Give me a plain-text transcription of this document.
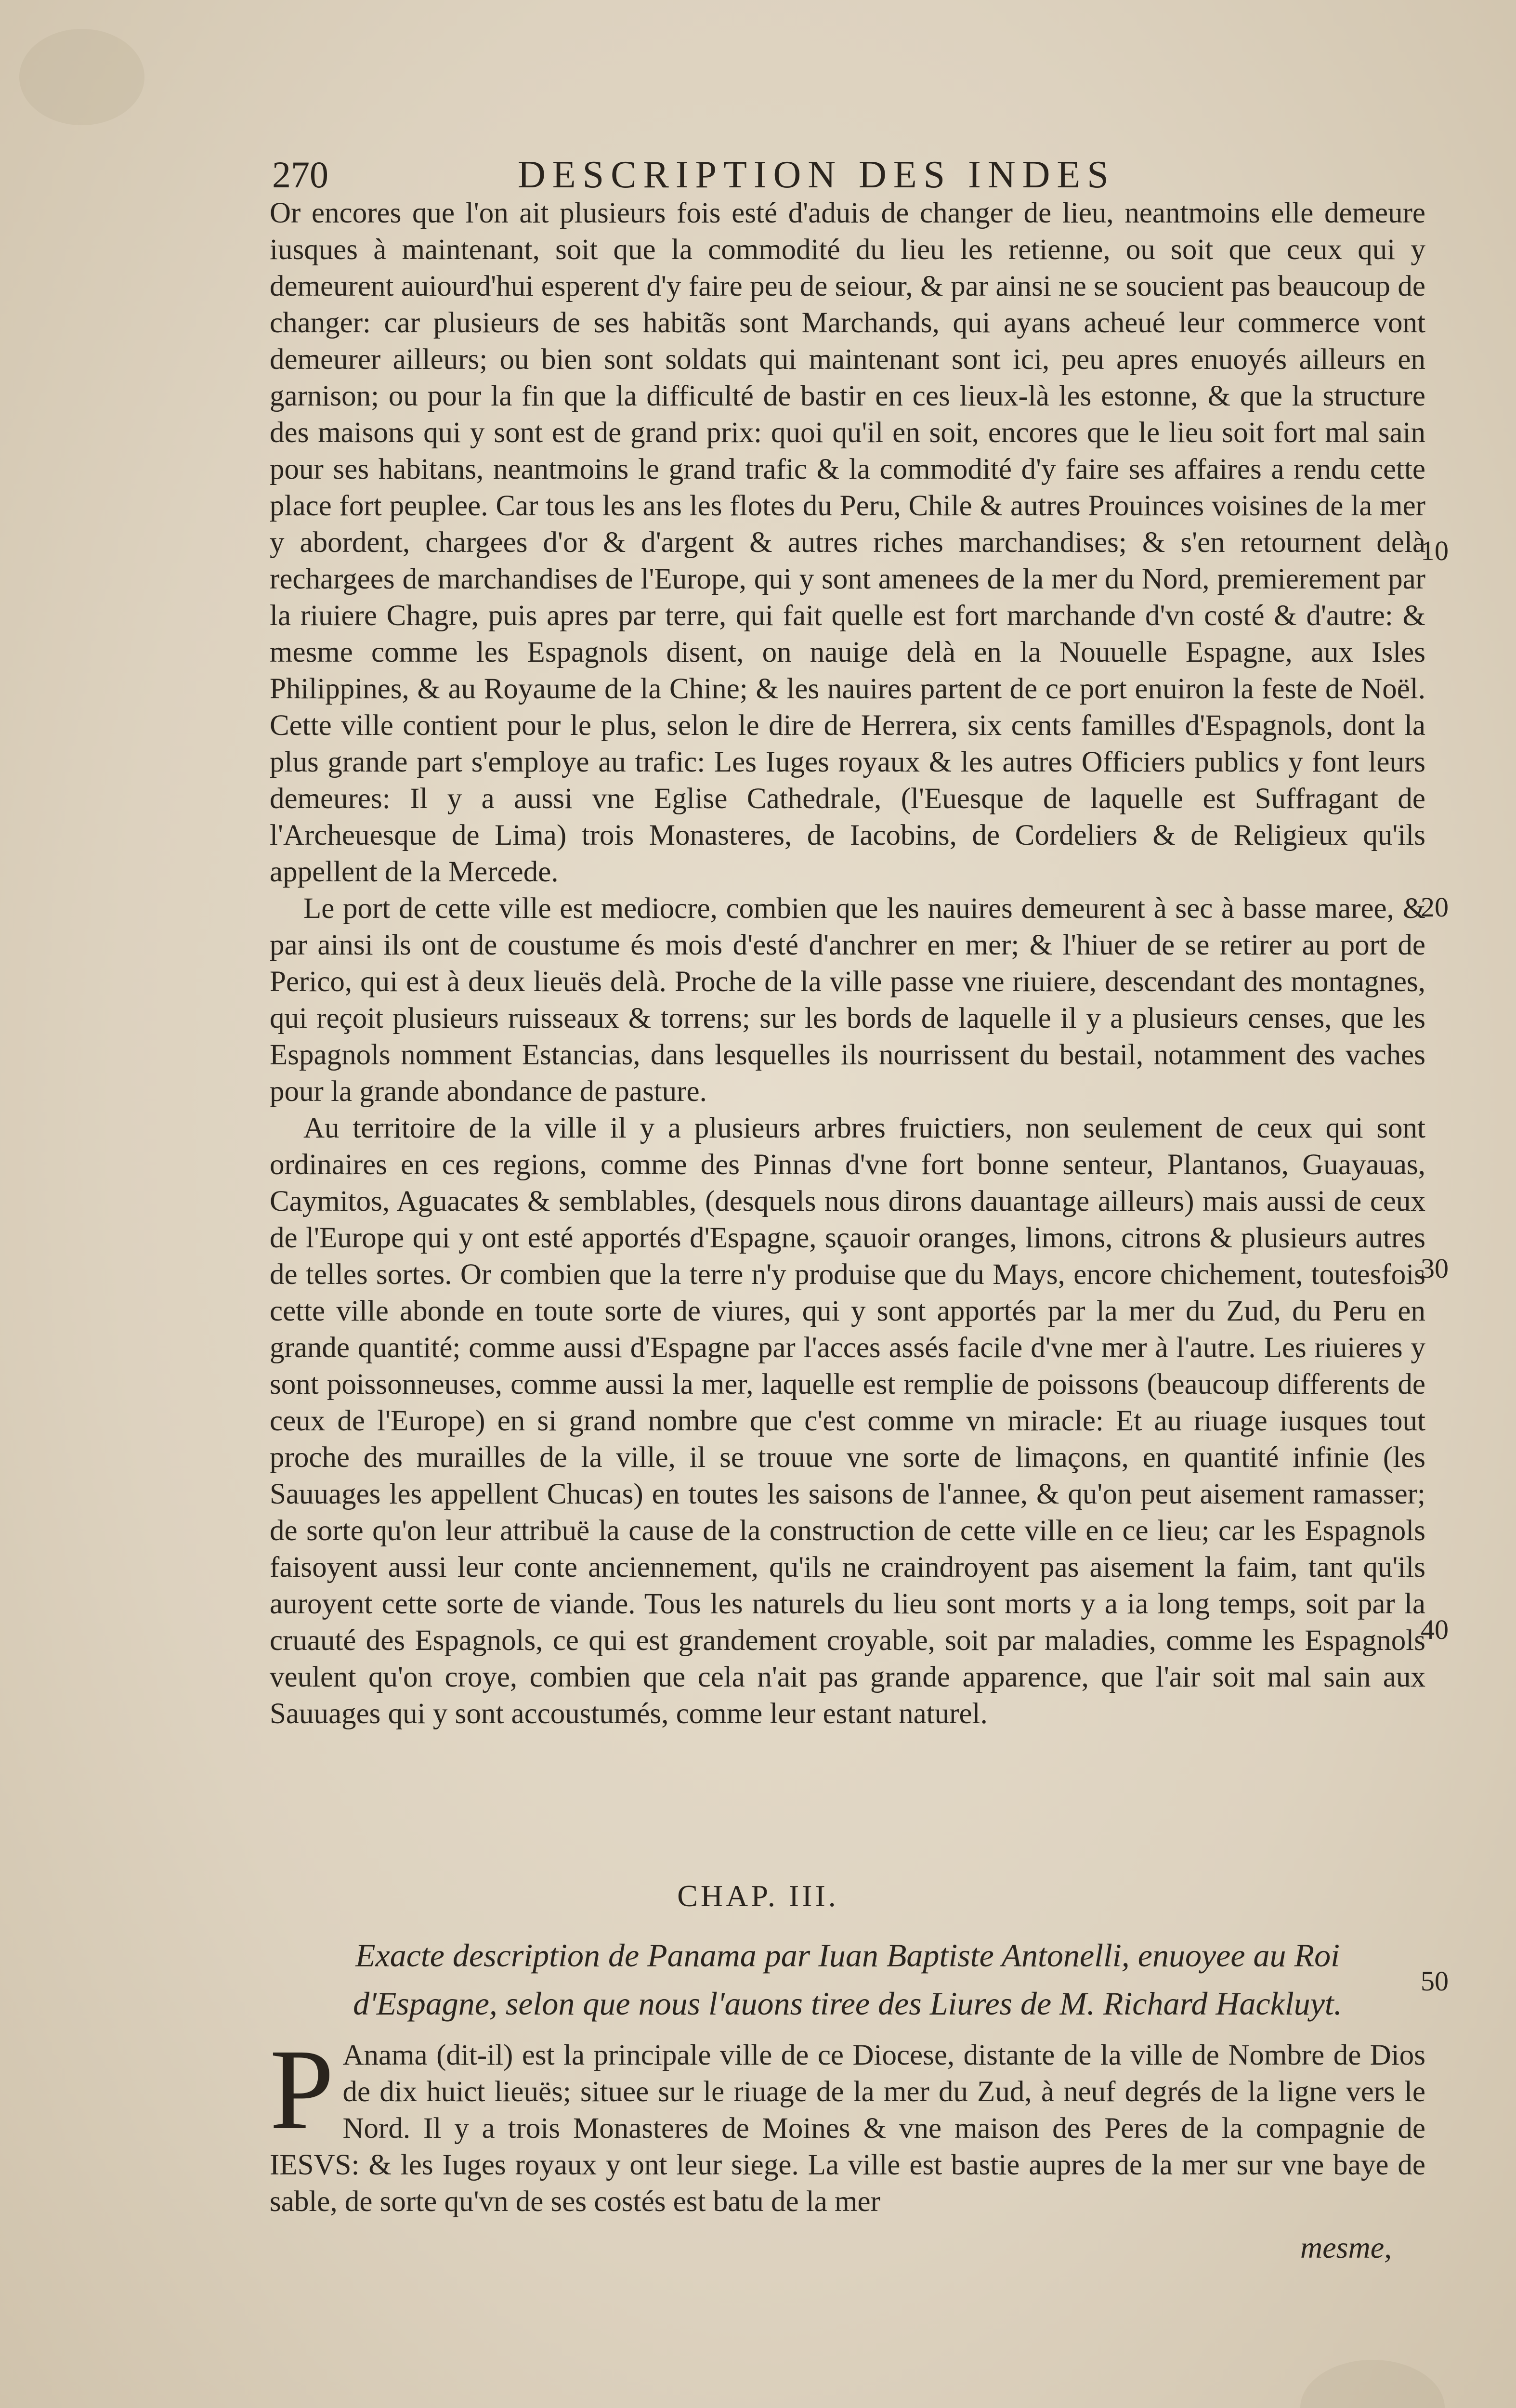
270	DESCRIPTION DES INDES

Or encores que l'on ait plusieurs fois esté d'aduis de changer de lieu, neantmoins elle demeure iusques à maintenant, soit que la commodité du lieu les retienne, ou soit que ceux qui y demeurent auiourd'hui esperent d'y faire peu de seiour, & par ainsi ne se soucient pas beaucoup de changer: car plusieurs de ses habitãs sont Marchands, qui ayans acheué leur commerce vont demeurer ailleurs; ou bien sont soldats qui maintenant sont ici, peu apres enuoyés ailleurs en garnison; ou pour la fin que la difficulté de bastir en ces lieux-là les estonne, & que la structure des maisons qui y sont est de grand prix: quoi qu'il en soit, encores que le lieu soit fort mal sain pour ses habitans, neantmoins le grand trafic & la commodité d'y faire ses affaires a rendu cette place fort peuplee. Car tous les ans les flotes du Peru, Chile & autres Prouinces voisines de la mer y abordent, chargees d'or & d'argent & autres riches marchandises; & s'en retournent delà rechargees de marchandises de l'Europe, qui y sont amenees de la mer du Nord, premierement par la riuiere Chagre, puis apres par terre, qui fait quelle est fort marchande d'vn costé & d'autre: & mesme comme les Espagnols disent, on nauige delà en la Nouuelle Espagne, aux Isles Philippines, & au Royaume de la Chine; & les nauires partent de ce port enuiron la feste de Noël. Cette ville contient pour le plus, selon le dire de Herrera, six cents familles d'Espagnols, dont la plus grande part s'employe au trafic: Les Iuges royaux & les autres Officiers publics y font leurs demeures: Il y a aussi vne Eglise Cathedrale, (l'Euesque de laquelle est Suffragant de l'Archeuesque de Lima) trois Monasteres, de Iacobins, de Cordeliers & de Religieux qu'ils appellent de la Mercede.

Le port de cette ville est mediocre, combien que les nauires demeurent à sec à basse maree, & par ainsi ils ont de coustume és mois d'esté d'anchrer en mer; & l'hiuer de se retirer au port de Perico, qui est à deux lieuës delà. Proche de la ville passe vne riuiere, descendant des montagnes, qui reçoit plusieurs ruisseaux & torrens; sur les bords de laquelle il y a plusieurs censes, que les Espagnols nomment Estancias, dans lesquelles ils nourrissent du bestail, notamment des vaches pour la grande abondance de pasture.

Au territoire de la ville il y a plusieurs arbres fruictiers, non seulement de ceux qui sont ordinaires en ces regions, comme des Pinnas d'vne fort bonne senteur, Plantanos, Guayauas, Caymitos, Aguacates & semblables, (desquels nous dirons dauantage ailleurs) mais aussi de ceux de l'Europe qui y ont esté apportés d'Espagne, sçauoir oranges, limons, citrons & plusieurs autres de telles sortes. Or combien que la terre n'y produise que du Mays, encore chichement, toutesfois cette ville abonde en toute sorte de viures, qui y sont apportés par la mer du Zud, du Peru en grande quantité; comme aussi d'Espagne par l'acces assés facile d'vne mer à l'autre. Les riuieres y sont poissonneuses, comme aussi la mer, laquelle est remplie de poissons (beaucoup differents de ceux de l'Europe) en si grand nombre que c'est comme vn miracle: Et au riuage iusques tout proche des murailles de la ville, il se trouue vne sorte de limaçons, en quantité infinie (les Sauuages les appellent Chucas) en toutes les saisons de l'annee, & qu'on peut aisement ramasser; de sorte qu'on leur attribuë la cause de la construction de cette ville en ce lieu; car les Espagnols faisoyent aussi leur conte anciennement, qu'ils ne craindroyent pas aisement la faim, tant qu'ils auroyent cette sorte de viande. Tous les naturels du lieu sont morts y a ia long temps, soit par la cruauté des Espagnols, ce qui est grandement croyable, soit par maladies, comme les Espagnols veulent qu'on croye, combien que cela n'ait pas grande apparence, que l'air soit mal sain aux Sauuages qui y sont accoustumés, comme leur estant naturel.

10
20
30
40
50
CHAP. III.
Exacte description de Panama par Iuan Baptiste Antonelli, enuoyee au Roi
d'Espagne, selon que nous l'auons tiree des Liures de M. Richard Hackluyt.
P Anama (dit-il) est la principale ville de ce Diocese, distante de la ville de Nombre de Dios de dix huict lieuës; situee sur le riuage de la mer du Zud, à neuf degrés de la ligne vers le Nord. Il y a trois Monasteres de Moines & vne maison des Peres de la compagnie de IESVS: & les Iuges royaux y ont leur siege. La ville est bastie aupres de la mer sur vne baye de sable, de sorte qu'vn de ses costés est batu de la mer
mesme,
